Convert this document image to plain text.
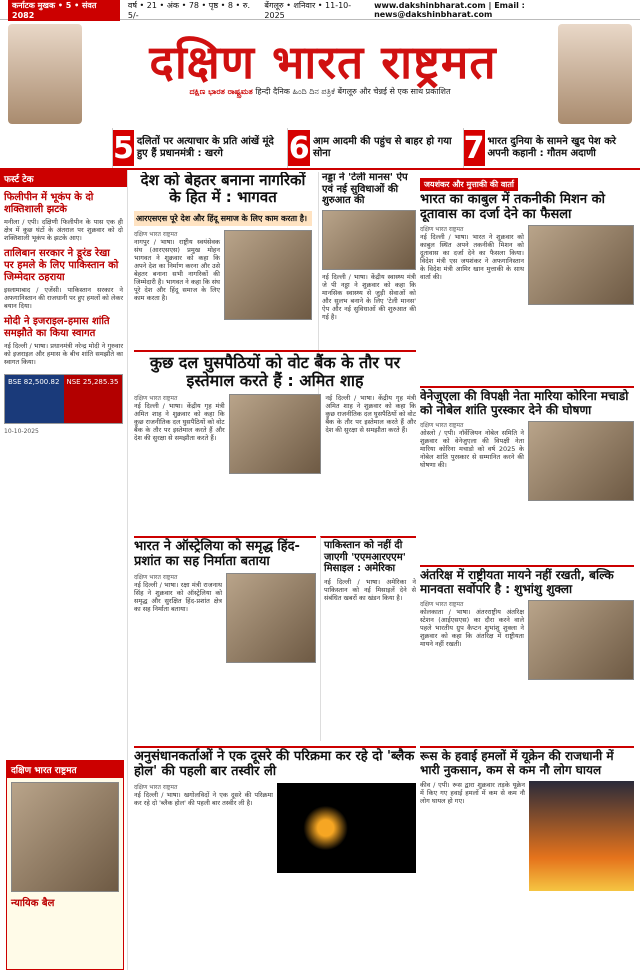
कर्नाटक मुखक • 5 • संवत 2082
वर्ष • 21 • अंक • 78 • पृष्ठ • 8 • रु. 5/-
बेंगलूरु • शनिवार • 11-10-2025
www.dakshinbharat.com | Email : news@dakshinbharat.com
दक्षिण भारत राष्ट्रमत
ದಕ್ಷಿಣ ಭಾರತ ರಾಷ್ಟ್ರಮತ हिन्दी दैनिक ಹಿಂದಿ ದಿನ ಪತ್ರಿಕೆ बेंगलूरु और चेन्नई से एक साथ प्रकाशित
5 दलितों पर अत्याचार के प्रति आंखें मूंदे हुए हैं प्रधानमंत्री : खरगे	6 आम आदमी की पहुंच से बाहर हो गया सोना	7 भारत दुनिया के सामने खुद पेश करे अपनी कहानी : गौतम अदाणी
फर्स्ट टेक
फिलीपीन में भूकंप के दो शक्तिशाली झटके
मनीला / एपी। दक्षिणी फिलीपीन के पास एक ही क्षेत्र में कुछ घंटों के अंतराल पर शुक्रवार को दो शक्तिशाली भूकंप के झटके आए।
तालिबान सरकार ने डूरंड रेखा पर हमले के लिए पाकिस्तान को जिम्मेदार ठहराया
इस्लामाबाद / एजेंसी। पाकिस्तान सरकार ने अफगानिस्तान की राजधानी पर हुए हमलों को लेकर बयान दिया।
मोदी ने इजराइल-हमास शांति समझौते का किया स्वागत
नई दिल्ली / भाषा। प्रधानमंत्री नरेन्द्र मोदी ने गुरुवार को इजराइल और हमास के बीच शांति समझौते का स्वागत किया।
BSE 82,500.82	NSE 25,285.35
10-10-2025
दक्षिण भारत राष्ट्रमत
न्यायिक बैल
देश को बेहतर बनाना नागरिकों के हित में : भागवत
आरएसएस पूरे देश और हिंदू समाज के लिए काम करता है।
दक्षिण भारत राष्ट्रमत
नागपुर / भाषा। राष्ट्रीय स्वयंसेवक संघ (आरएसएस) प्रमुख मोहन भागवत ने शुक्रवार को कहा कि अपने देश का निर्माण करना और उसे बेहतर बनाना सभी नागरिकों की जिम्मेदारी है। भागवत ने कहा कि संघ पूरे देश और हिंदू समाज के लिए काम करता है।
नड्डा ने 'टेली मानस' ऐप एवं नई सुविधाओं की शुरुआत की
नई दिल्ली / भाषा। केंद्रीय स्वास्थ्य मंत्री जे पी नड्डा ने शुक्रवार को कहा कि मानसिक स्वास्थ्य से जुड़ी सेवाओं को और सुलभ बनाने के लिए 'टेली मानस' ऐप और नई सुविधाओं की शुरुआत की गई है।
जयशंकर और मुत्ताकी की वार्ता
भारत का काबुल में तकनीकी मिशन को दूतावास का दर्जा देने का फैसला
दक्षिण भारत राष्ट्रमत
नई दिल्ली / भाषा। भारत ने शुक्रवार को काबुल स्थित अपने तकनीकी मिशन को दूतावास का दर्जा देने का फैसला किया। विदेश मंत्री एस जयशंकर ने अफगानिस्तान के विदेश मंत्री आमिर खान मुत्ताकी के साथ वार्ता की।
कुछ दल घुसपैठियों को वोट बैंक के तौर पर इस्तेमाल करते हैं : अमित शाह
दक्षिण भारत राष्ट्रमत
नई दिल्ली / भाषा। केंद्रीय गृह मंत्री अमित शाह ने शुक्रवार को कहा कि कुछ राजनीतिक दल घुसपैठियों को वोट बैंक के तौर पर इस्तेमाल करते हैं और देश की सुरक्षा से समझौता करते हैं।
नई दिल्ली / भाषा। केंद्रीय गृह मंत्री अमित शाह ने शुक्रवार को कहा कि कुछ राजनीतिक दल घुसपैठियों को वोट बैंक के तौर पर इस्तेमाल करते हैं और देश की सुरक्षा से समझौता करते हैं।
वेनेजुएला की विपक्षी नेता मारिया कोरिना मचाडो को नोबेल शांति पुरस्कार देने की घोषणा
दक्षिण भारत राष्ट्रमत
ओस्लो / एपी। नॉर्वेजियन नोबेल समिति ने शुक्रवार को वेनेजुएला की विपक्षी नेता मारिया कोरिना मचाडो को वर्ष 2025 के नोबेल शांति पुरस्कार से सम्मानित करने की घोषणा की।
भारत ने ऑस्ट्रेलिया को समृद्ध हिंद-प्रशांत का सह निर्माता बताया
दक्षिण भारत राष्ट्रमत
नई दिल्ली / भाषा। रक्षा मंत्री राजनाथ सिंह ने शुक्रवार को ऑस्ट्रेलिया को समृद्ध और सुरक्षित हिंद-प्रशांत क्षेत्र का सह निर्माता बताया।
पाकिस्तान को नहीं दी जाएगी 'एएमआरएएम' मिसाइल : अमेरिका
नई दिल्ली / भाषा। अमेरिका ने पाकिस्तान को नई मिसाइलें देने से संबंधित खबरों का खंडन किया है।
अंतरिक्ष में राष्ट्रीयता मायने नहीं रखती, बल्कि मानवता सर्वोपरि है : शुभांशु शुक्ला
दक्षिण भारत राष्ट्रमत
कोलकाता / भाषा। अंतरराष्ट्रीय अंतरिक्ष स्टेशन (आईएसएस) का दौरा करने वाले पहले भारतीय ग्रुप कैप्टन शुभांशु शुक्ला ने शुक्रवार को कहा कि अंतरिक्ष में राष्ट्रीयता मायने नहीं रखती।
अनुसंधानकर्ताओं ने एक दूसरे की परिक्रमा कर रहे दो 'ब्लैक होल' की पहली बार तस्वीर ली
दक्षिण भारत राष्ट्रमत
नई दिल्ली / भाषा। खगोलविदों ने एक दूसरे की परिक्रमा कर रहे दो 'ब्लैक होल' की पहली बार तस्वीर ली है।
रूस के हवाई हमलों में यूक्रेन की राजधानी में भारी नुकसान, कम से कम नौ लोग घायल
कीव / एपी। रूस द्वारा शुक्रवार तड़के यूक्रेन में किए गए हवाई हमलों में कम से कम नौ लोग घायल हो गए।
